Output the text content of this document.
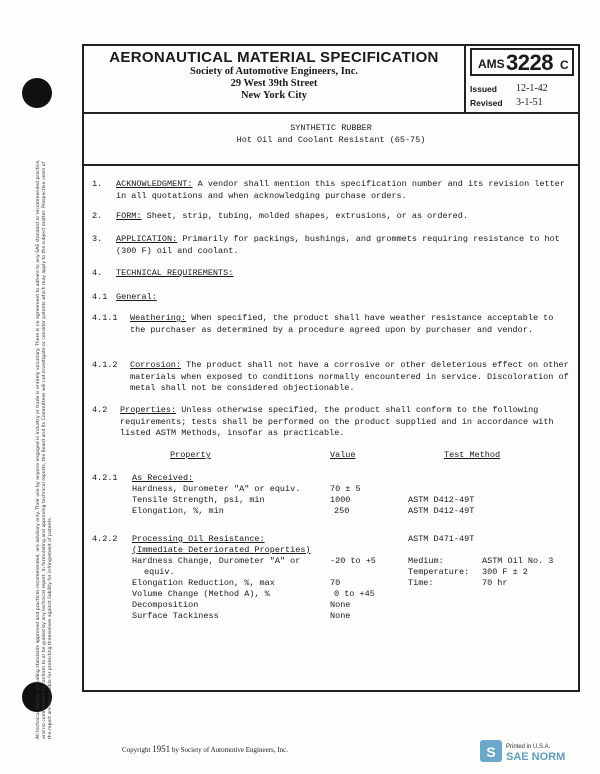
All technical reports, including standards approved and practices recommended, are advisory only. Their use by anyone engaged in industry or trade is entirely voluntary. There is no agreement to adhere to any SAE standard or recommended practice, and no commitment to conform to or be guided by any technical report. In formulating and approving technical reports, the Board and its Committees will not investigate or consider patents which may apply to the subject matter. Prospective users of the report are responsible for protecting themselves against liability for infringement of patents.
AERONAUTICAL MATERIAL SPECIFICATION
Society of Automotive Engineers, Inc.
29 West 39th Street
New York City
AMS 3228 C
Issued 12-1-42
Revised 3-1-51
SYNTHETIC RUBBER
Hot Oil and Coolant Resistant (65-75)
1. ACKNOWLEDGMENT: A vendor shall mention this specification number and its revision letter in all quotations and when acknowledging purchase orders.
2. FORM: Sheet, strip, tubing, molded shapes, extrusions, or as ordered.
3. APPLICATION: Primarily for packings, bushings, and grommets requiring resistance to hot (300 F) oil and coolant.
4. TECHNICAL REQUIREMENTS:
4.1 General:
4.1.1 Weathering: When specified, the product shall have weather resistance acceptable to the purchaser as determined by a procedure agreed upon by purchaser and vendor.
4.1.2 Corrosion: The product shall not have a corrosive or other deleterious effect on other materials when exposed to conditions normally encountered in service. Discoloration of metal shall not be considered objectionable.
4.2 Properties: Unless otherwise specified, the product shall conform to the following requirements; tests shall be performed on the product supplied and in accordance with listed ASTM Methods, insofar as practicable.
Property	Value	Test Method
4.2.1 As Received:
Hardness, Durometer "A" or equiv.	70 ± 5
Tensile Strength, psi, min	1000	ASTM D412-49T
Elongation, %, min	250	ASTM D412-49T
4.2.2 Processing Oil Resistance:	ASTM D471-49T
(Immediate Deteriorated Properties)
Hardness Change, Durometer "A" or	-20 to +5
equiv.
Medium:	ASTM Oil No. 3
Temperature: 300 F ± 2
Time:	70 hr
Elongation Reduction, %, max	70
Volume Change (Method A), %	0 to +45
Decomposition	None
Surface Tackiness	None
Copyright 1951 by Society of Automotive Engineers, Inc.	S Printed in U.S.A.
SAE NORM
